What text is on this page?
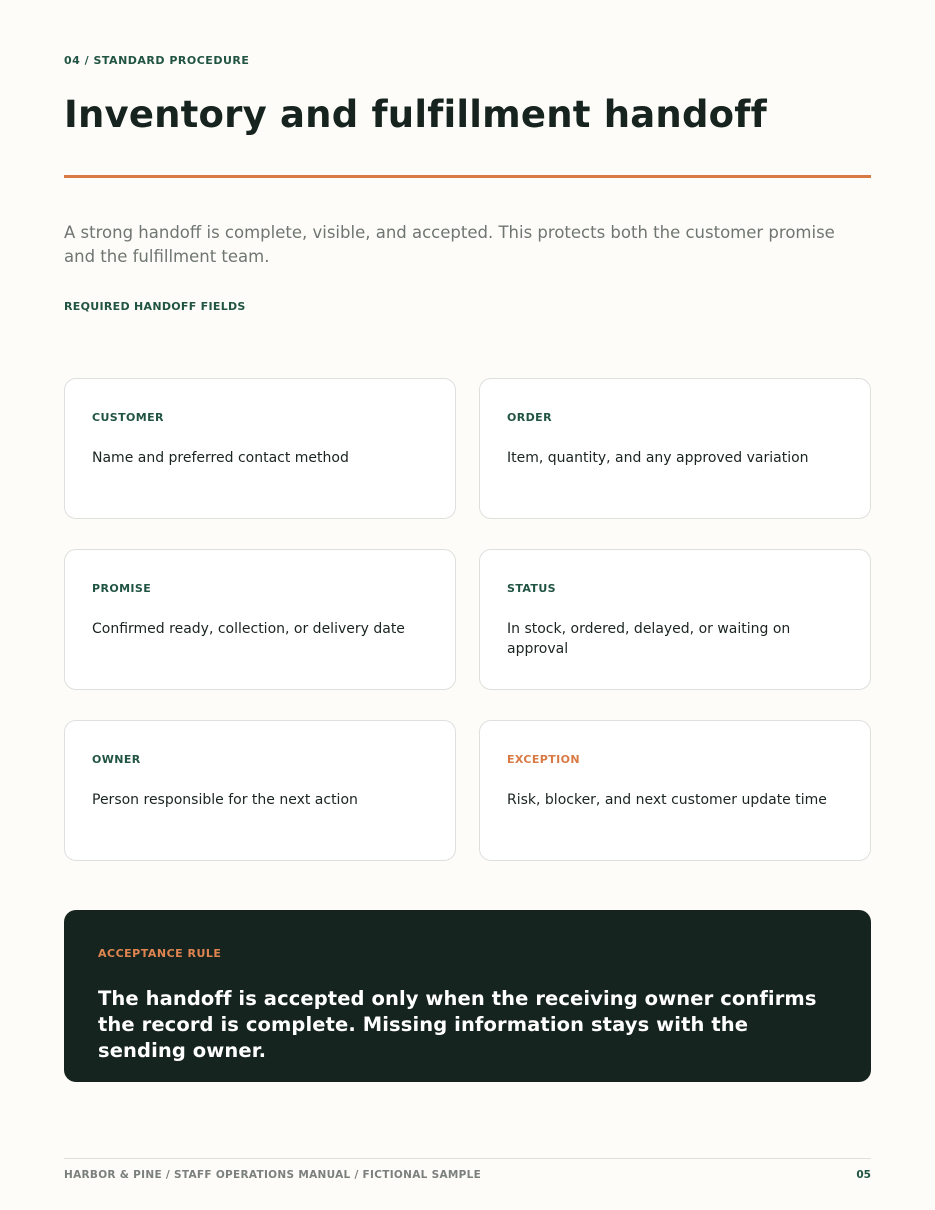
04 / STANDARD PROCEDURE
Inventory and fulfillment handoff

A strong handoff is complete, visible, and accepted. This protects both the customer promise and the fulfillment team.

REQUIRED HANDOFF FIELDS
CUSTOMER
Name and preferred contact method
ORDER
Item, quantity, and any approved variation
PROMISE
Confirmed ready, collection, or delivery date
STATUS
In stock, ordered, delayed, or waiting on approval
OWNER
Person responsible for the next action
EXCEPTION
Risk, blocker, and next customer update time
ACCEPTANCE RULE
The handoff is accepted only when the receiving owner confirms the record is complete. Missing information stays with the sending owner.
HARBOR & PINE / STAFF OPERATIONS MANUAL / FICTIONAL SAMPLE	05
